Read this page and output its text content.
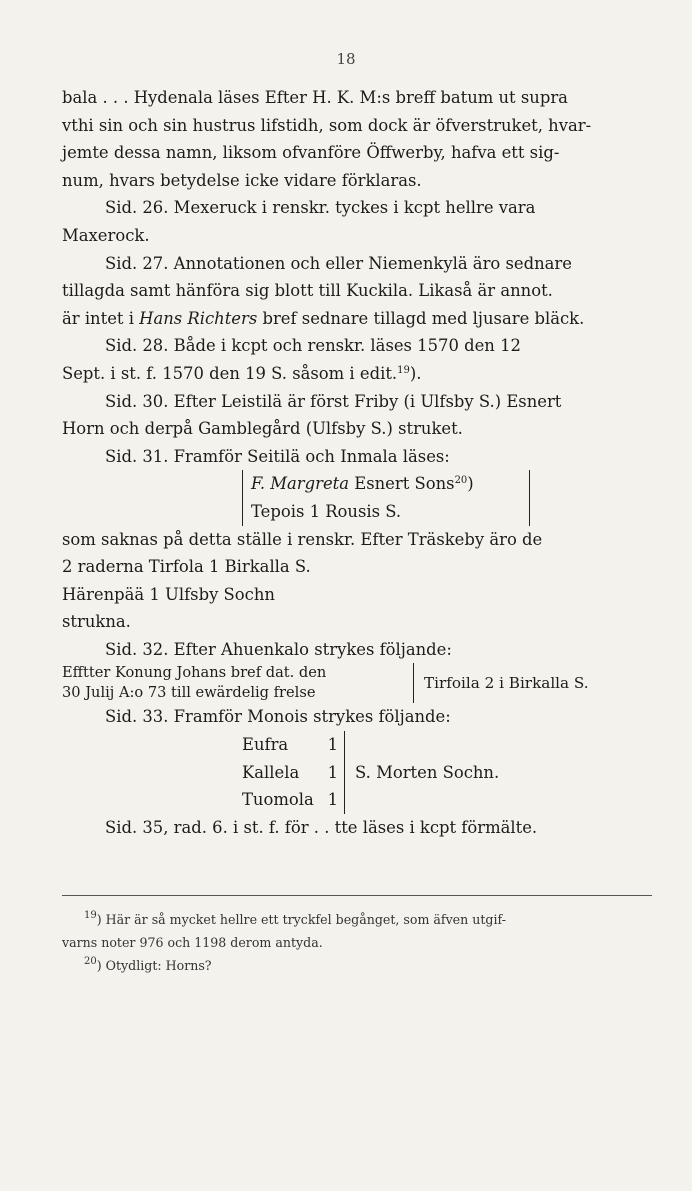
18

bala . . . Hydenala läses Efter H. K. M:s breff batum ut supra

vthi sin och sin hustrus lifstidh, som dock är öfverstruket, hvar-

jemte dessa namn, liksom ofvanföre Öffwerby, hafva ett sig-

num, hvars betydelse icke vidare förklaras.

Sid. 26. Mexeruck i renskr. tyckes i kcpt hellre vara

Maxerock.

Sid. 27. Annotationen och eller Niemenkylä äro sednare

tillagda samt hänföra sig blott till Kuckila. Likaså är annot.

är intet i Hans Richters bref sednare tillagd med ljusare bläck.

Sid. 28. Både i kcpt och renskr. läses 1570 den 12

Sept. i st. f. 1570 den 19 S. såsom i edit.$^{19}$).

Sid. 30. Efter Leistilä är först Friby (i Ulfsby S.) Esnert

Horn och derpå Gamblegård (Ulfsby S.) struket.

Sid. 31. Framför Seitilä och Inmala läses:

F. Margreta Esnert Sons$^{20}$)
Tepois 1 Rousis S.

som saknas på detta ställe i renskr. Efter Träskeby äro de

2 raderna Tirfola 1 Birkalla S.

Härenpää 1 Ulfsby Sochn

strukna.

Sid. 32. Efter Ahuenkalo strykes följande:

Efftter Konung Johans bref dat. den
30 Julij A:o 73 till ewärdelig frelse
Tirfoila 2 i Birkalla S.

Sid. 33. Framför Monois strykes följande:

Eufra 1
Kallela 1
Tuomola 1
S. Morten Sochn.

Sid. 35, rad. 6. i st. f. för . . tte läses i kcpt förmälte.

$^{19}$) Här är så mycket hellre ett tryckfel begånget, som äfven utgif-

varns noter 976 och 1198 derom antyda.

$^{20}$) Otydligt: Horns?
